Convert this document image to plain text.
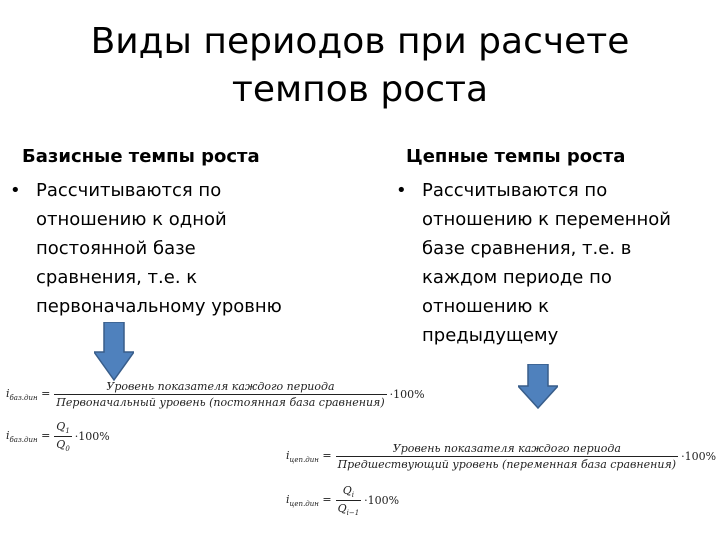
Виды периодов при расчете
темпов роста
Базисные темпы роста	Цепные темпы роста
• Рассчитываются по
отношению к одной
постоянной базе
сравнения, т.е. к
первоначальному уровню
• Рассчитываются по
отношению к переменной
базе сравнения, т.е. в
каждом периоде по
отношению к
предыдущему
$i_{баз.дин} = \frac{\text{Уровень показателя каждого периода}}{\text{Первоначальный уровень (постоянная база сравнения)}} \cdot 100\%$
$i_{баз.дин} = \frac{Q_1}{Q_0} \cdot 100\%$
$i_{цеп.дин} = \frac{\text{Уровень показателя каждого периода}}{\text{Предшествующий уровень (переменная база сравнения)}} \cdot 100\%$
$i_{цеп.дин} = \frac{Q_i}{Q_{i-1}} \cdot 100\%$
